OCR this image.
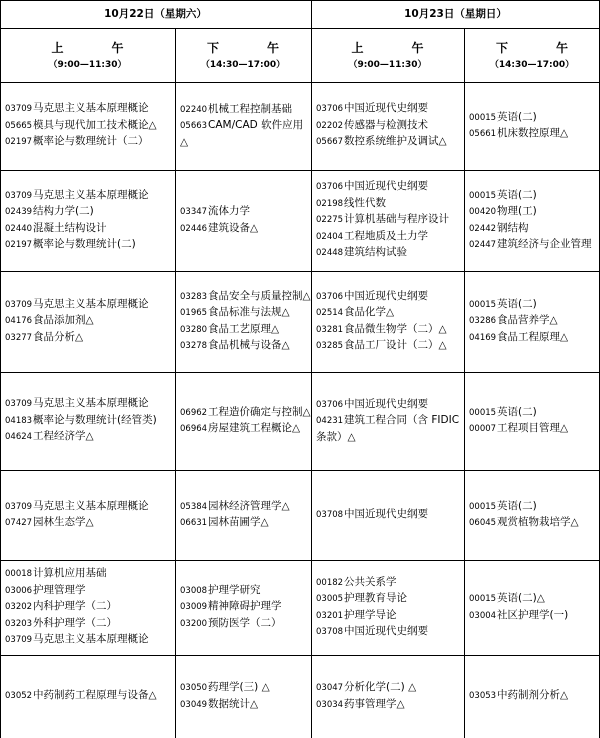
10月22日（星期六）	10月23日（星期日）
上　午
（9:00—11:30）
下　午
（14:30—17:00）
上　午
（9:00—11:30）
下　午
（14:30—17:00）
03709马克思主义基本原理概论
05665模具与现代加工技术概论△
02197概率论与数理统计（二）
02240机械工程控制基础
05663CAM/CAD 软件应用△
03706中国近现代史纲要
02202传感器与检测技术
05667数控系统维护及调试△
00015英语(二)
05661机床数控原理△
03709马克思主义基本原理概论
02439结构力学(二)
02440混凝土结构设计
02197概率论与数理统计(二)
03347流体力学
02446建筑设备△
03706中国近现代史纲要
02198线性代数
02275计算机基础与程序设计
02404工程地质及土力学
02448建筑结构试验
00015英语(二)
00420物理(工)
02442钢结构
02447建筑经济与企业管理
03709马克思主义基本原理概论
04176食品添加剂△
03277食品分析△
03283食品安全与质量控制△
01965食品标准与法规△
03280食品工艺原理△
03278食品机械与设备△
03706中国近现代史纲要
02514食品化学△
03281食品微生物学（二）△
03285食品工厂设计（二）△
00015英语(二)
03286食品营养学△
04169食品工程原理△
03709马克思主义基本原理概论
04183概率论与数理统计(经管类)
04624工程经济学△
06962工程造价确定与控制△
06964房屋建筑工程概论△
03706中国近现代史纲要
04231建筑工程合同（含 FIDIC 条款）△
00015英语(二)
00007工程项目管理△
03709马克思主义基本原理概论
07427园林生态学△
05384园林经济管理学△
06631园林苗圃学△
03708中国近现代史纲要
00015英语(二)
06045观赏植物栽培学△
00018计算机应用基础
03006护理管理学
03202内科护理学（二）
03203外科护理学（二）
03709马克思主义基本原理概论
03008护理学研究
03009精神障碍护理学
03200预防医学（二）
00182公共关系学
03005护理教育导论
03201护理学导论
03708中国近现代史纲要
00015英语(二)△
03004社区护理学(一)
03052中药制药工程原理与设备△
03050药理学(三) △
03049数据统计△
03047分析化学(二) △
03034药事管理学△
03053中药制剂分析△
